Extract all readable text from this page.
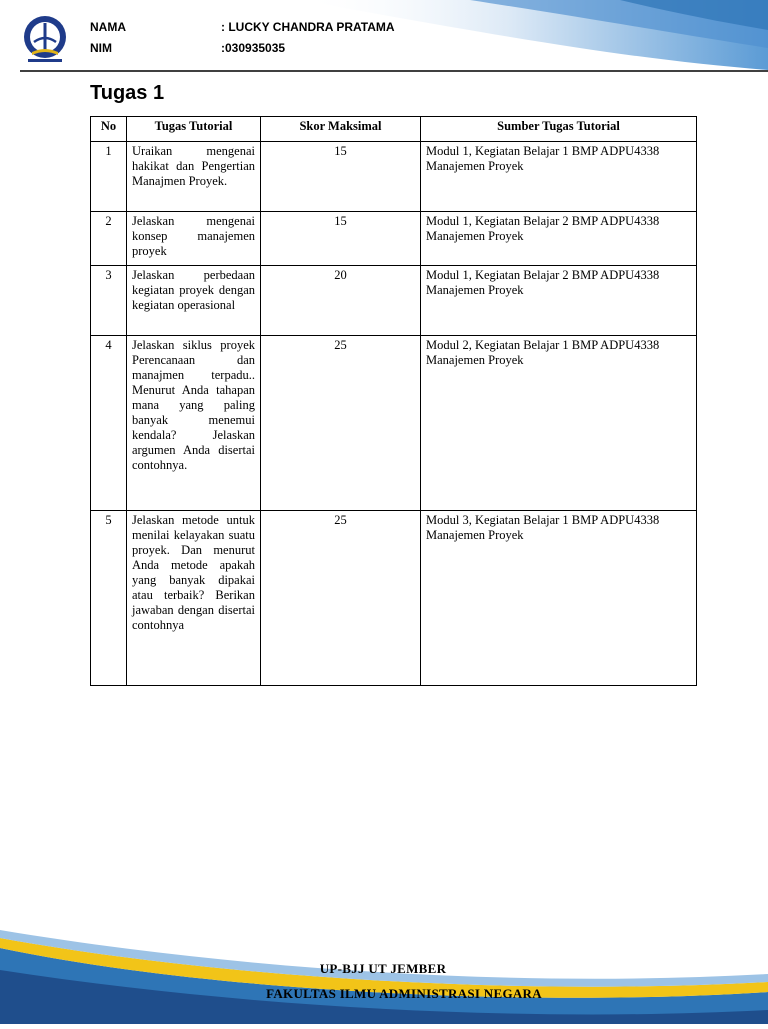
NAMA	: LUCKY CHANDRA PRATAMA
NIM	:030935035
Tugas 1
No	Tugas Tutorial	Skor Maksimal	Sumber Tugas Tutorial
1	Uraikan mengenai hakikat dan Pengertian Manajmen Proyek.	15	Modul 1, Kegiatan Belajar 1 BMP ADPU4338 Manajemen Proyek
2	Jelaskan mengenai konsep manajemen proyek	15	Modul 1, Kegiatan Belajar 2 BMP ADPU4338 Manajemen Proyek
3	Jelaskan perbedaan kegiatan proyek dengan kegiatan operasional	20	Modul 1, Kegiatan Belajar 2 BMP ADPU4338 Manajemen Proyek
4	Jelaskan siklus proyek Perencanaan dan manajmen terpadu.. Menurut Anda tahapan mana yang paling banyak menemui kendala? Jelaskan argumen Anda disertai contohnya.	25	Modul 2, Kegiatan Belajar 1 BMP ADPU4338 Manajemen Proyek
5	Jelaskan metode untuk menilai kelayakan suatu proyek. Dan menurut Anda metode apakah yang banyak dipakai atau terbaik? Berikan jawaban dengan disertai contohnya	25	Modul 3, Kegiatan Belajar 1 BMP ADPU4338 Manajemen Proyek
UP-BJJ UT JEMBER
FAKULTAS ILMU ADMINISTRASI NEGARA
